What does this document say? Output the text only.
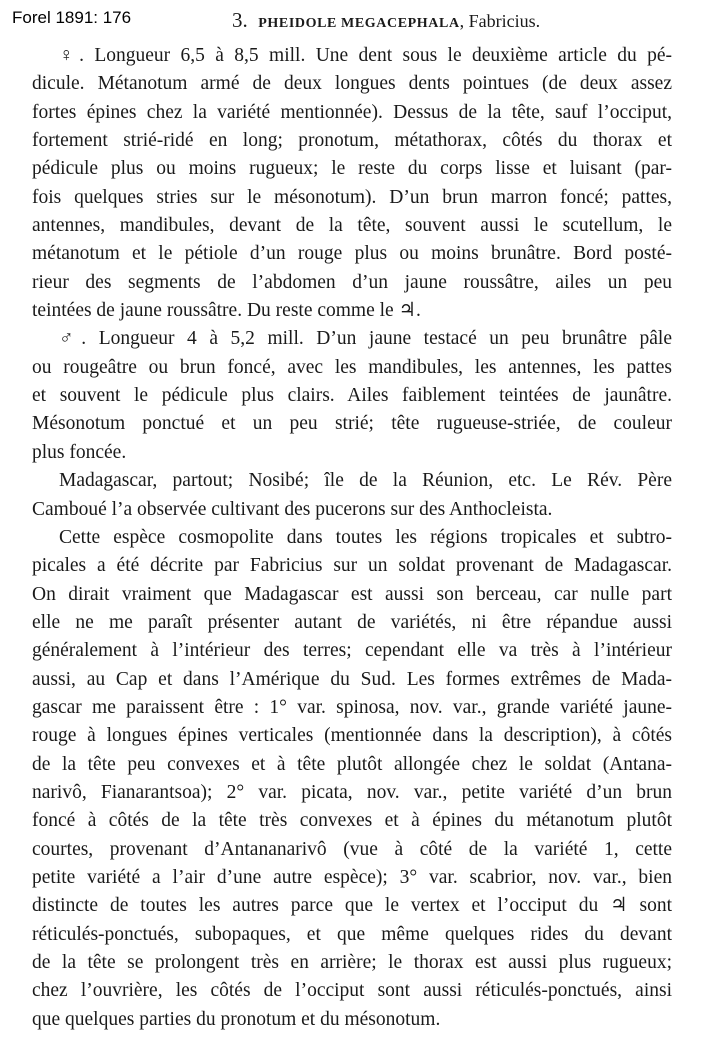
Forel 1891: 176	3. PHEIDOLE MEGACEPHALA, Fabricius.
♀. Longueur 6,5 à 8,5 mill. Une dent sous le deuxième article du pé-
dicule. Métanotum armé de deux longues dents pointues (de deux assez
fortes épines chez la variété mentionnée). Dessus de la tête, sauf l’occiput,
fortement strié-ridé en long; pronotum, métathorax, côtés du thorax et
pédicule plus ou moins rugueux; le reste du corps lisse et luisant (par-
fois quelques stries sur le mésonotum). D’un brun marron foncé; pattes,
antennes, mandibules, devant de la tête, souvent aussi le scutellum, le
métanotum et le pétiole d’un rouge plus ou moins brunâtre. Bord posté-
rieur des segments de l’abdomen d’un jaune roussâtre, ailes un peu
teintées de jaune roussâtre. Du reste comme le ♃.
♂. Longueur 4 à 5,2 mill. D’un jaune testacé un peu brunâtre pâle
ou rougeâtre ou brun foncé, avec les mandibules, les antennes, les pattes
et souvent le pédicule plus clairs. Ailes faiblement teintées de jaunâtre.
Mésonotum ponctué et un peu strié; tête rugueuse-striée, de couleur
plus foncée.
Madagascar, partout; Nosibé; île de la Réunion, etc. Le Rév. Père
Camboué l’a observée cultivant des pucerons sur des Anthocleista.
Cette espèce cosmopolite dans toutes les régions tropicales et subtro-
picales a été décrite par Fabricius sur un soldat provenant de Madagascar.
On dirait vraiment que Madagascar est aussi son berceau, car nulle part
elle ne me paraît présenter autant de variétés, ni être répandue aussi
généralement à l’intérieur des terres; cependant elle va très à l’intérieur
aussi, au Cap et dans l’Amérique du Sud. Les formes extrêmes de Mada-
gascar me paraissent être : 1° var. spinosa, nov. var., grande variété jaune-
rouge à longues épines verticales (mentionnée dans la description), à côtés
de la tête peu convexes et à tête plutôt allongée chez le soldat (Antana-
narivô, Fianarantsoa); 2° var. picata, nov. var., petite variété d’un brun
foncé à côtés de la tête très convexes et à épines du métanotum plutôt
courtes, provenant d’Antananarivô (vue à côté de la variété 1, cette
petite variété a l’air d’une autre espèce); 3° var. scabrior, nov. var., bien
distincte de toutes les autres parce que le vertex et l’occiput du ♃ sont
réticulés-ponctués, subopaques, et que même quelques rides du devant
de la tête se prolongent très en arrière; le thorax est aussi plus rugueux;
chez l’ouvrière, les côtés de l’occiput sont aussi réticulés-ponctués, ainsi
que quelques parties du pronotum et du mésonotum.
